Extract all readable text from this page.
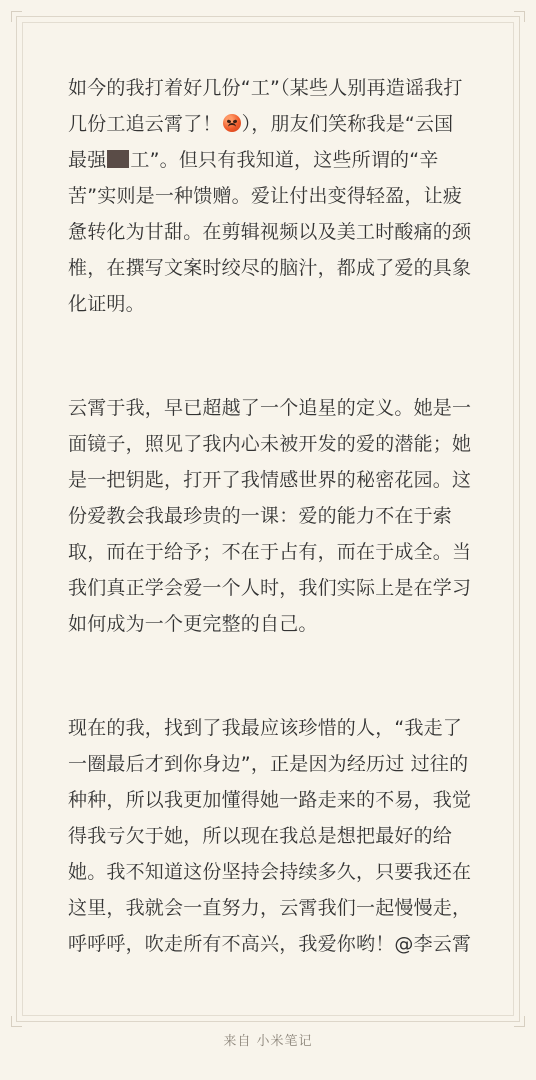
如今的我打着好几份“工”（某些人别再造谣我打几份工追云霄了！ ），朋友们笑称我是“云国最强 工”。但只有我知道，这些所谓的“辛苦”实则是一种馈赠。爱让付出变得轻盈，让疲惫转化为甘甜。在剪辑视频以及美工时酸痛的颈椎，在撰写文案时绞尽的脑汁，都成了爱的具象化证明。

云霄于我，早已超越了一个追星的定义。她是一面镜子，照见了我内心未被开发的爱的潜能；她是一把钥匙，打开了我情感世界的秘密花园。这份爱教会我最珍贵的一课：爱的能力不在于索取，而在于给予；不在于占有，而在于成全。当我们真正学会爱一个人时，我们实际上是在学习如何成为一个更完整的自己。

现在的我，找到了我最应该珍惜的人，“我走了一圈最后才到你身边”，正是因为经历过 过往的种种，所以我更加懂得她一路走来的不易，我觉得我亏欠于她，所以现在我总是想把最好的给她。我不知道这份坚持会持续多久，只要我还在这里，我就会一直努力，云霄我们一起慢慢走，呼呼呼，吹走所有不高兴，我爱你哟！@李云霄

来自 小米笔记
